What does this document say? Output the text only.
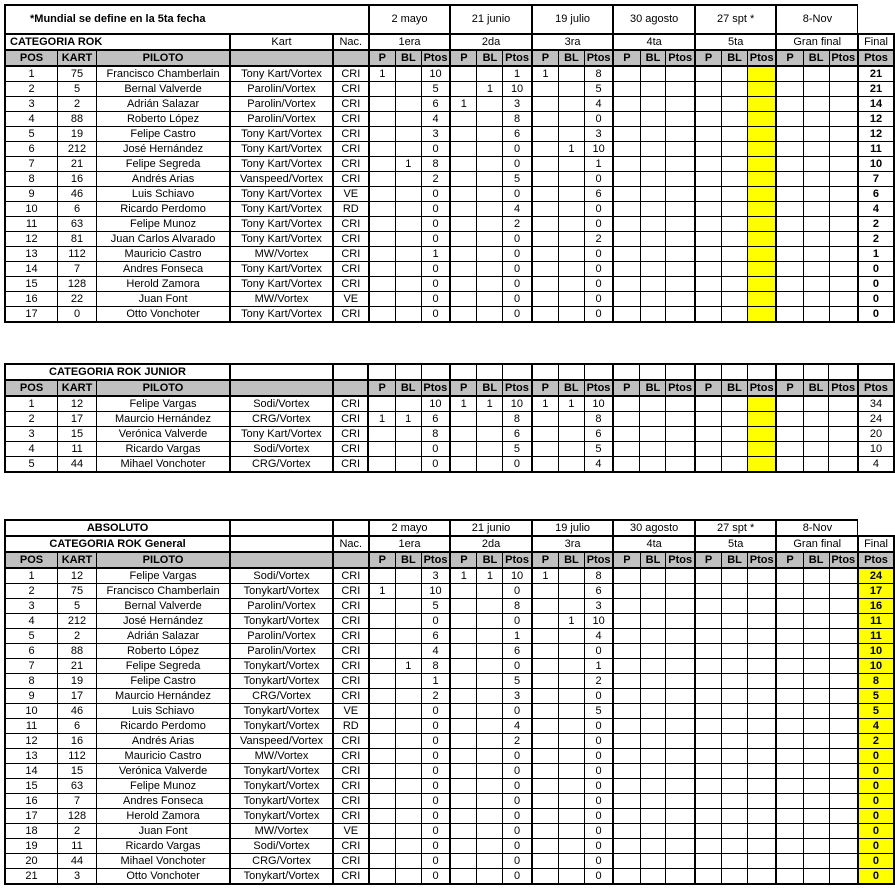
*Mundial se define en la 5ta fecha					2 mayo			21 junio			19 julio			30 agosto			27 spt *			8-Nov			
CATEGORIA ROK			Kart	Nac.	1era			2da			3ra			4ta			5ta			Gran final			Final
POS	KART	PILOTO			P	BL	Ptos	P	BL	Ptos	P	BL	Ptos	P	BL	Ptos	P	BL	Ptos	P	BL	Ptos	Ptos
1	75	Francisco Chamberlain	Tony Kart/Vortex	CRI	1		10			1	1		8										21
2	5	Bernal Valverde	Parolin/Vortex	CRI			5		1	10			5										21
3	2	Adrián Salazar	Parolin/Vortex	CRI			6	1		3			4										14
4	88	Roberto López	Parolin/Vortex	CRI			4			8			0										12
5	19	Felipe Castro	Tony Kart/Vortex	CRI			3			6			3										12
6	212	José Hernández	Tony Kart/Vortex	CRI			0			0		1	10										11
7	21	Felipe Segreda	Tony Kart/Vortex	CRI		1	8			0			1										10
8	16	Andrés Arias	Vanspeed/Vortex	CRI			2			5			0										7
9	46	Luis Schiavo	Tony Kart/Vortex	VE			0			0			6										6
10	6	Ricardo Perdomo	Tony Kart/Vortex	RD			0			4			0										4
11	63	Felipe Munoz	Tony Kart/Vortex	CRI			0			2			0										2
12	81	Juan Carlos Alvarado	Tony Kart/Vortex	CRI			0			0			2										2
13	112	Mauricio Castro	MW/Vortex	CRI			1			0			0										1
14	7	Andres Fonseca	Tony Kart/Vortex	CRI			0			0			0										0
15	128	Herold Zamora	Tony Kart/Vortex	CRI			0			0			0										0
16	22	Juan Font	MW/Vortex	VE			0			0			0										0
17	0	Otto Vonchoter	Tony Kart/Vortex	CRI			0			0			0										0
CATEGORIA ROK JUNIOR																							
POS	KART	PILOTO			P	BL	Ptos	P	BL	Ptos	P	BL	Ptos	P	BL	Ptos	P	BL	Ptos	P	BL	Ptos	Ptos
1	12	Felipe Vargas	Sodi/Vortex	CRI			10	1	1	10	1	1	10										34
2	17	Maurcio Hernández	CRG/Vortex	CRI	1	1	6			8			8										24
3	15	Verónica Valverde	Tony Kart/Vortex	CRI			8			6			6										20
4	11	Ricardo Vargas	Sodi/Vortex	CRI			0			5			5										10
5	44	Mihael Vonchoter	CRG/Vortex	CRI			0			0			4										4
ABSOLUTO					2 mayo			21 junio			19 julio			30 agosto			27 spt *			8-Nov			
CATEGORIA ROK General				Nac.	1era			2da			3ra			4ta			5ta			Gran final			Final
POS	KART	PILOTO			P	BL	Ptos	P	BL	Ptos	P	BL	Ptos	P	BL	Ptos	P	BL	Ptos	P	BL	Ptos	Ptos
1	12	Felipe Vargas	Sodi/Vortex	CRI			3	1	1	10	1		8										24
2	75	Francisco Chamberlain	Tonykart/Vortex	CRI	1		10			0			6										17
3	5	Bernal Valverde	Parolin/Vortex	CRI			5			8			3										16
4	212	José Hernández	Tonykart/Vortex	CRI			0			0		1	10										11
5	2	Adrián Salazar	Parolin/Vortex	CRI			6			1			4										11
6	88	Roberto López	Parolin/Vortex	CRI			4			6			0										10
7	21	Felipe Segreda	Tonykart/Vortex	CRI		1	8			0			1										10
8	19	Felipe Castro	Tonykart/Vortex	CRI			1			5			2										8
9	17	Maurcio Hernández	CRG/Vortex	CRI			2			3			0										5
10	46	Luis Schiavo	Tonykart/Vortex	VE			0			0			5										5
11	6	Ricardo Perdomo	Tonykart/Vortex	RD			0			4			0										4
12	16	Andrés Arias	Vanspeed/Vortex	CRI			0			2			0										2
13	112	Mauricio Castro	MW/Vortex	CRI			0			0			0										0
14	15	Verónica Valverde	Tonykart/Vortex	CRI			0			0			0										0
15	63	Felipe Munoz	Tonykart/Vortex	CRI			0			0			0										0
16	7	Andres Fonseca	Tonykart/Vortex	CRI			0			0			0										0
17	128	Herold Zamora	Tonykart/Vortex	CRI			0			0			0										0
18	2	Juan Font	MW/Vortex	VE			0			0			0										0
19	11	Ricardo Vargas	Sodi/Vortex	CRI			0			0			0										0
20	44	Mihael Vonchoter	CRG/Vortex	CRI			0			0			0										0
21	3	Otto Vonchoter	Tonykart/Vortex	CRI			0			0			0										0
